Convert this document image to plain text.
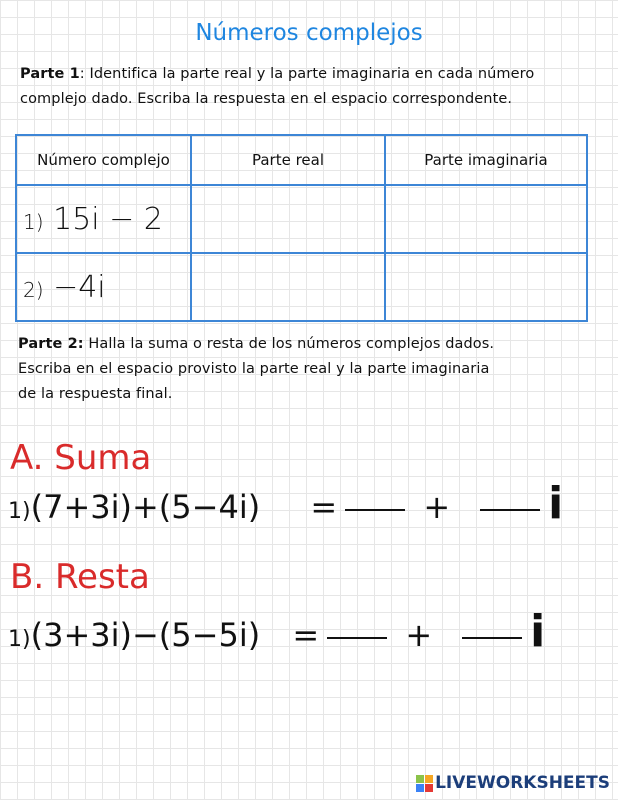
Números complejos
Parte 1: Identifica la parte real y la parte imaginaria en cada número
complejo dado. Escriba la respuesta en el espacio correspondente.
Número complejo	Parte real	Parte imaginaria
1) 15i − 2		
2) −4i		
Parte 2: Halla la suma o resta de los números complejos dados.
Escriba en el espacio provisto la parte real y la parte imaginaria
de la respuesta final.
A. Suma
1)(7+3i)+(5−4i) =	+ i
B. Resta
1)(3+3i)−(5−5i) =	+ i
LIVEWORKSHEETS
